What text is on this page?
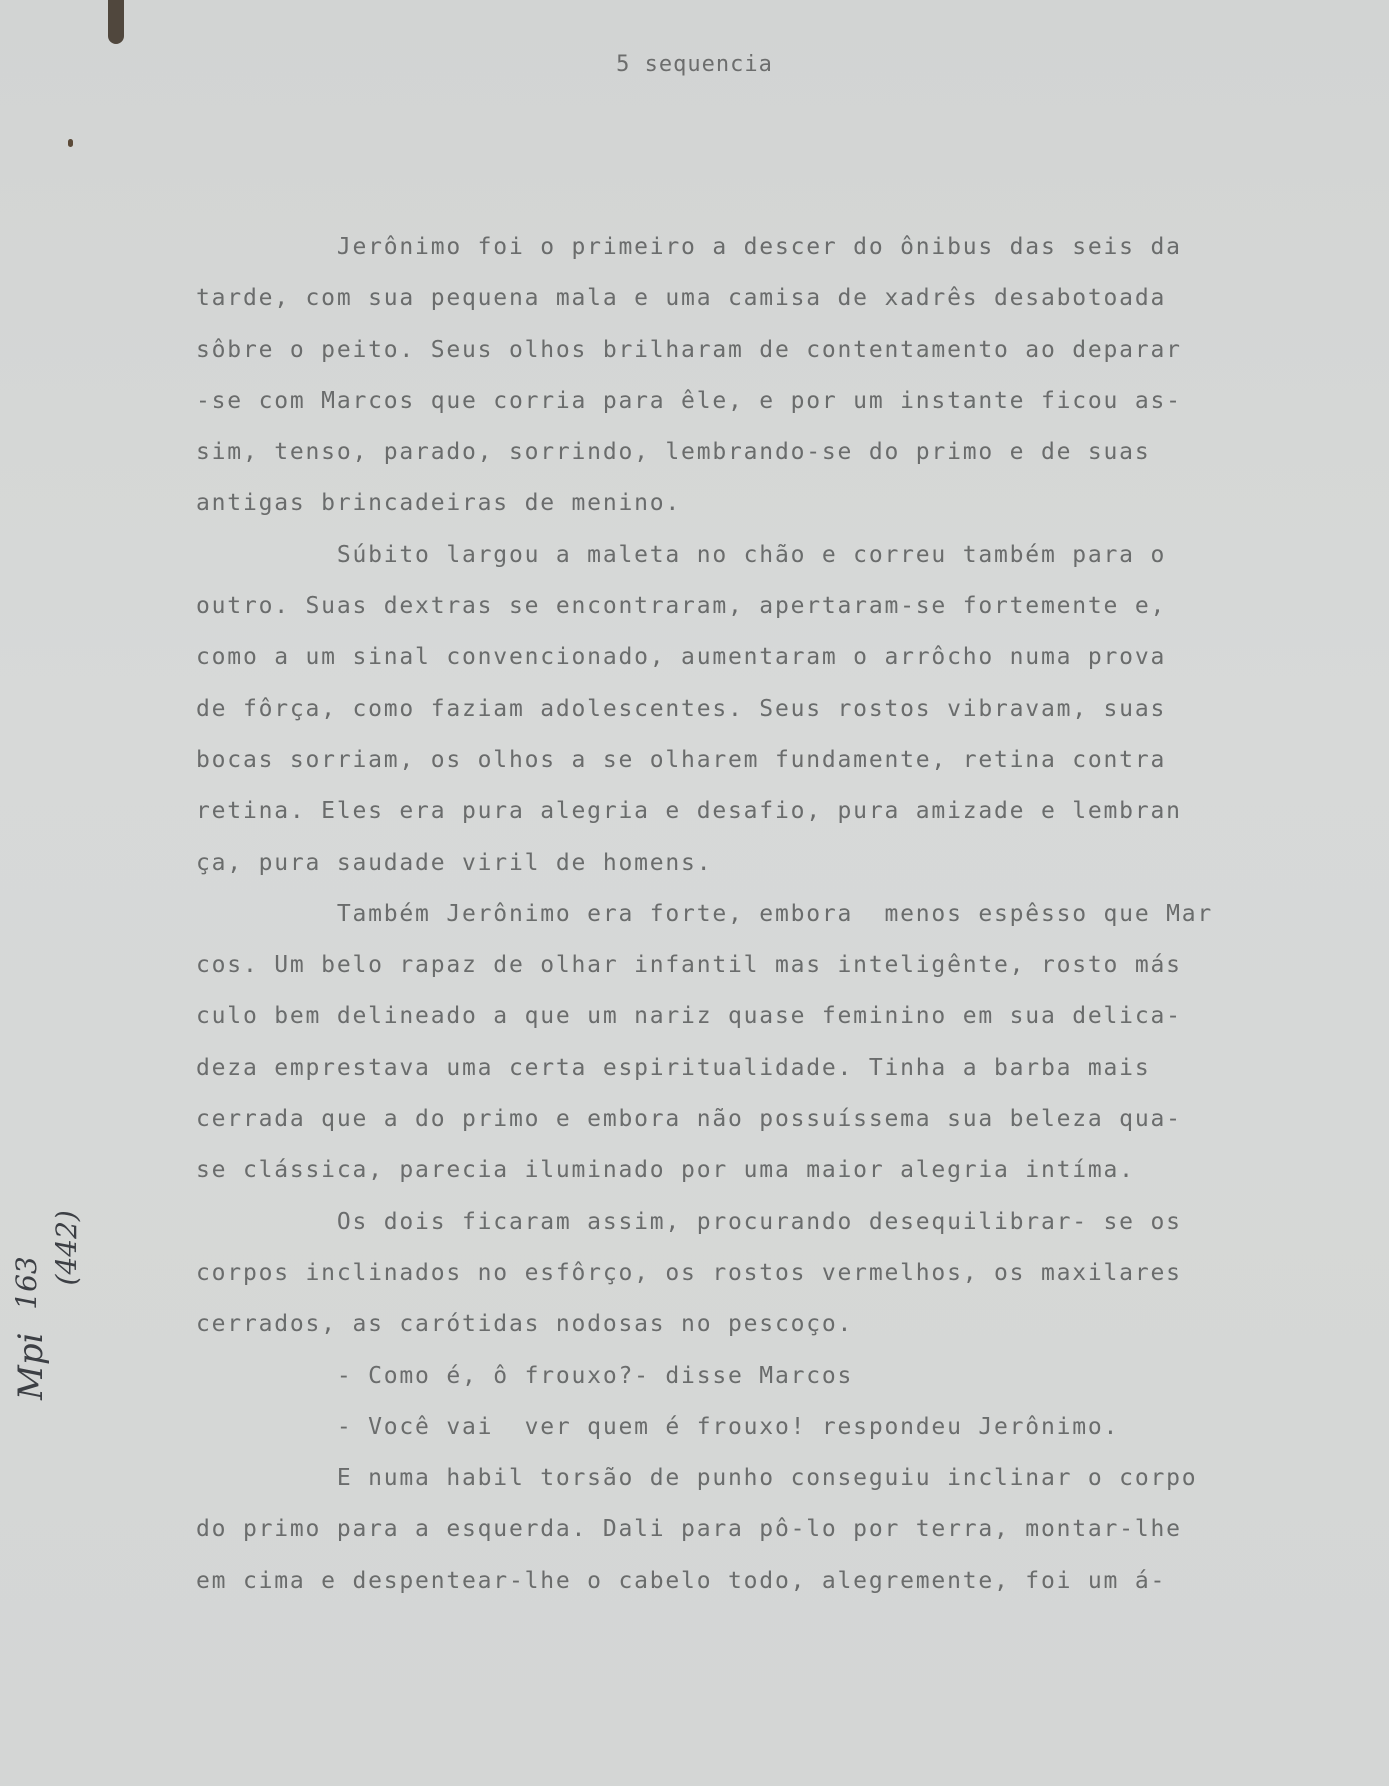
5 sequencia
Jerônimo foi o primeiro a descer do ônibus das seis da
tarde, com sua pequena mala e uma camisa de xadrês desabotoada
sôbre o peito. Seus olhos brilharam de contentamento ao deparar
-se com Marcos que corria para êle, e por um instante ficou as-
sim, tenso, parado, sorrindo, lembrando-se do primo e de suas
antigas brincadeiras de menino.
Súbito largou a maleta no chão e correu também para o
outro. Suas dextras se encontraram, apertaram-se fortemente e,
como a um sinal convencionado, aumentaram o arrôcho numa prova
de fôrça, como faziam adolescentes. Seus rostos vibravam, suas
bocas sorriam, os olhos a se olharem fundamente, retina contra
retina. Eles era pura alegria e desafio, pura amizade e lembran
ça, pura saudade viril de homens.
Também Jerônimo era forte, embora  menos espêsso que Mar
cos. Um belo rapaz de olhar infantil mas inteligênte, rosto más
culo bem delineado a que um nariz quase feminino em sua delica-
deza emprestava uma certa espiritualidade. Tinha a barba mais
cerrada que a do primo e embora não possuíssema sua beleza qua-
se clássica, parecia iluminado por uma maior alegria intíma.
Os dois ficaram assim, procurando desequilibrar- se os
corpos inclinados no esfôrço, os rostos vermelhos, os maxilares
cerrados, as carótidas nodosas no pescoço.
- Como é, ô frouxo?- disse Marcos
- Você vai  ver quem é frouxo! respondeu Jerônimo.
E numa habil torsão de punho conseguiu inclinar o corpo
do primo para a esquerda. Dali para pô-lo por terra, montar-lhe
em cima e despentear-lhe o cabelo todo, alegremente, foi um á-
Mpi 163 (442)
